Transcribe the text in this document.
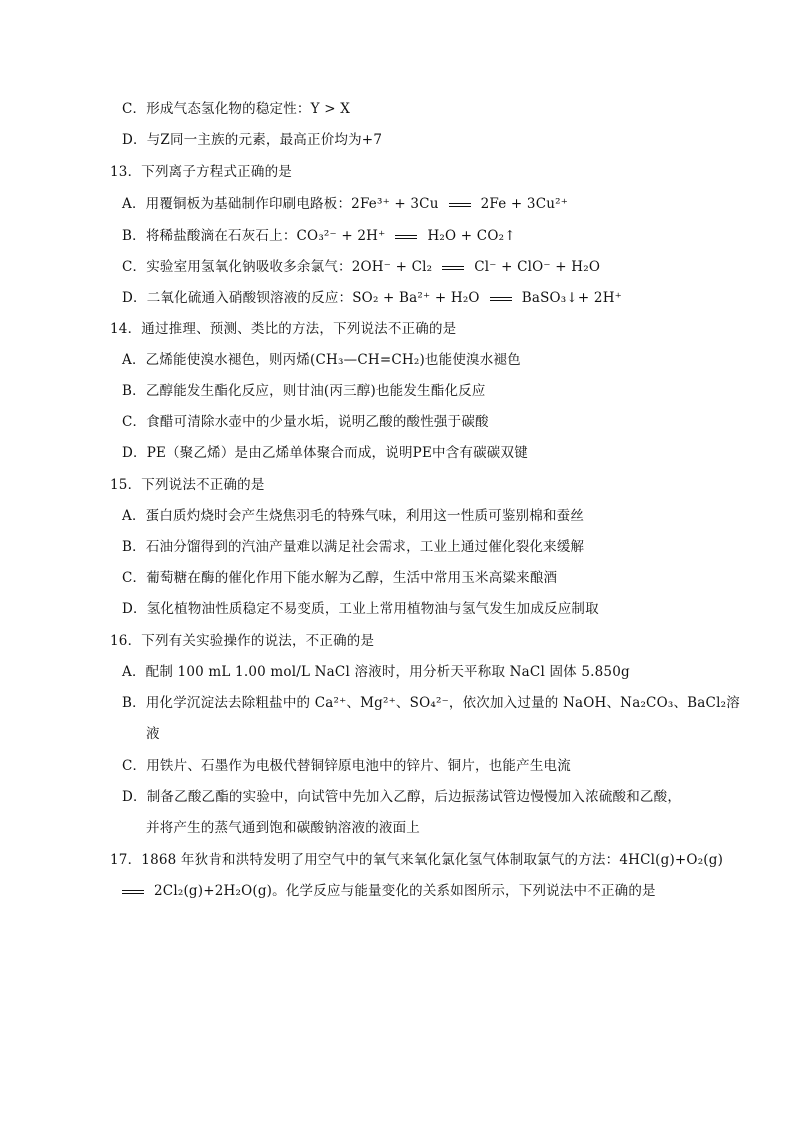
C．形成气态氢化物的稳定性：Y > X
D．与Z同一主族的元素，最高正价均为+7
13．下列离子方程式正确的是
A．用覆铜板为基础制作印刷电路板：2Fe³⁺ + 3Cu	2Fe + 3Cu²⁺
B．将稀盐酸滴在石灰石上：CO₃²⁻ + 2H⁺	H₂O + CO₂↑
C．实验室用氢氧化钠吸收多余氯气：2OH⁻ + Cl₂	Cl⁻ + ClO⁻ + H₂O
D．二氧化硫通入硝酸钡溶液的反应：SO₂ + Ba²⁺ + H₂O	BaSO₃↓+ 2H⁺
14．通过推理、预测、类比的方法，下列说法不正确的是
A．乙烯能使溴水褪色，则丙烯(CH₃—CH=CH₂)也能使溴水褪色
B．乙醇能发生酯化反应，则甘油(丙三醇)也能发生酯化反应
C．食醋可清除水壶中的少量水垢，说明乙酸的酸性强于碳酸
D．PE（聚乙烯）是由乙烯单体聚合而成，说明PE中含有碳碳双键
15．下列说法不正确的是
A．蛋白质灼烧时会产生烧焦羽毛的特殊气味，利用这一性质可鉴别棉和蚕丝
B．石油分馏得到的汽油产量难以满足社会需求，工业上通过催化裂化来缓解
C．葡萄糖在酶的催化作用下能水解为乙醇，生活中常用玉米高粱来酿酒
D．氢化植物油性质稳定不易变质，工业上常用植物油与氢气发生加成反应制取
16．下列有关实验操作的说法，不正确的是
A．配制 100 mL 1.00 mol/L NaCl 溶液时，用分析天平称取 NaCl 固体 5.850g
B．用化学沉淀法去除粗盐中的 Ca²⁺、Mg²⁺、SO₄²⁻，依次加入过量的 NaOH、Na₂CO₃、BaCl₂溶
液
C．用铁片、石墨作为电极代替铜锌原电池中的锌片、铜片，也能产生电流
D．制备乙酸乙酯的实验中，向试管中先加入乙醇，后边振荡试管边慢慢加入浓硫酸和乙酸，
并将产生的蒸气通到饱和碳酸钠溶液的液面上
17．1868 年狄肯和洪特发明了用空气中的氧气来氧化氯化氢气体制取氯气的方法：4HCl(g)+O₂(g)
2Cl₂(g)+2H₂O(g)。化学反应与能量变化的关系如图所示，下列说法中不正确的是
